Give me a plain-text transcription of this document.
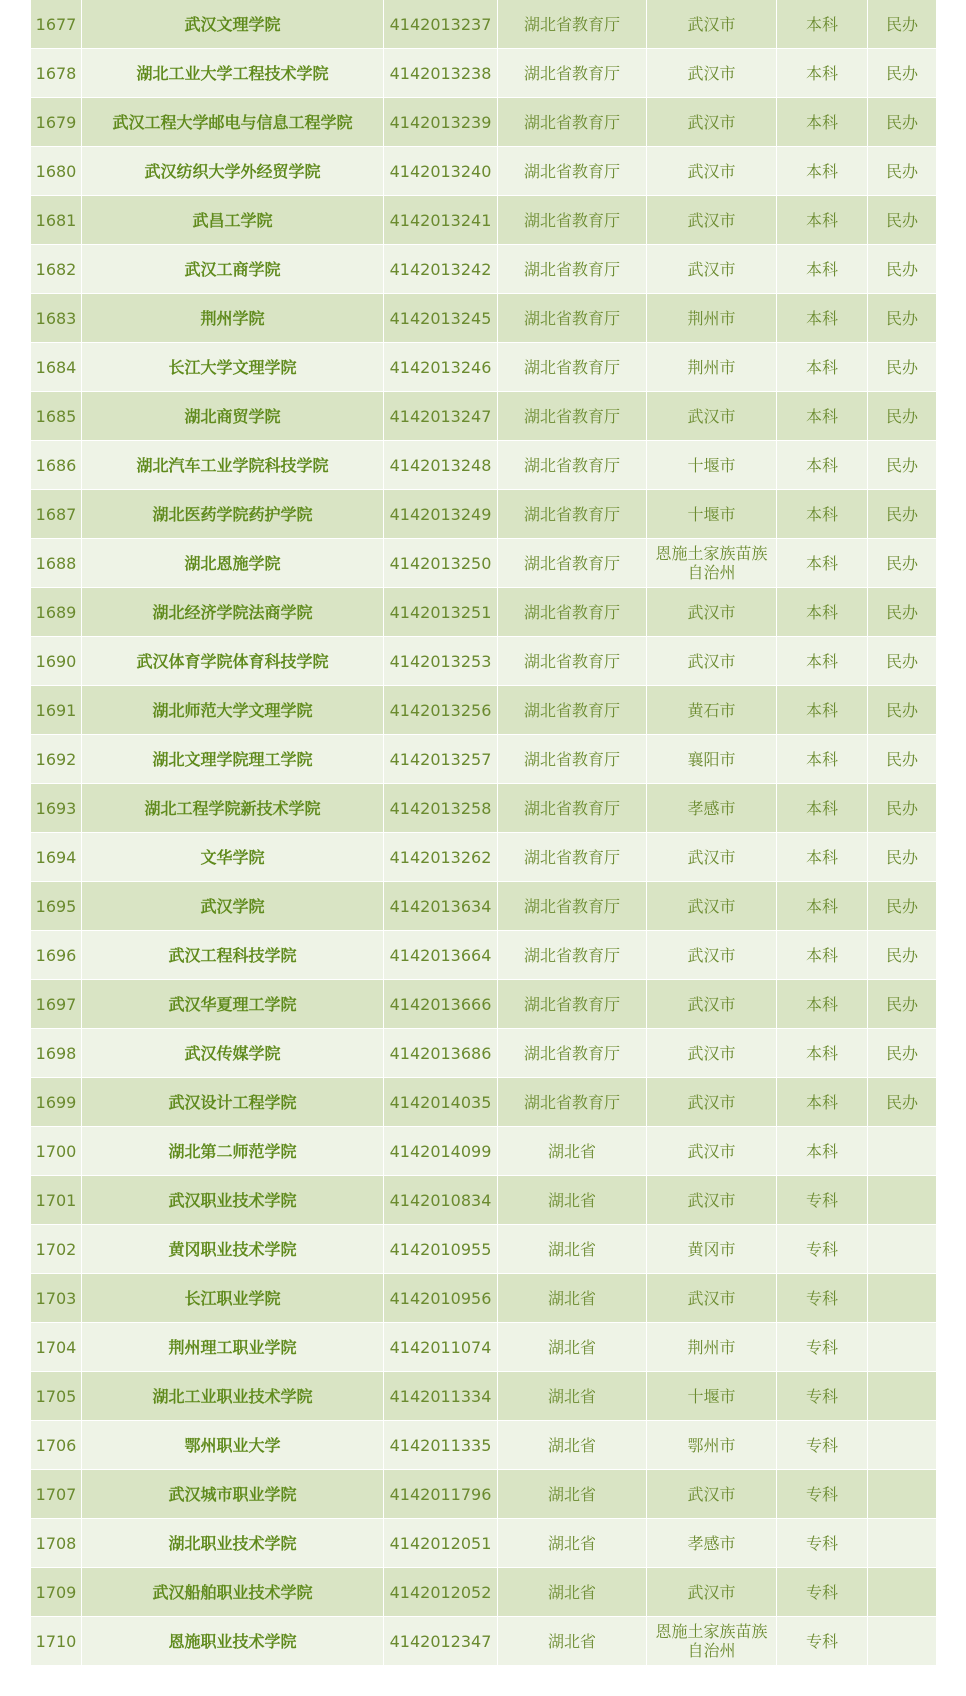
1677	武汉文理学院	4142013237	湖北省教育厅	武汉市	本科	民办
1678	湖北工业大学工程技术学院	4142013238	湖北省教育厅	武汉市	本科	民办
1679	武汉工程大学邮电与信息工程学院	4142013239	湖北省教育厅	武汉市	本科	民办
1680	武汉纺织大学外经贸学院	4142013240	湖北省教育厅	武汉市	本科	民办
1681	武昌工学院	4142013241	湖北省教育厅	武汉市	本科	民办
1682	武汉工商学院	4142013242	湖北省教育厅	武汉市	本科	民办
1683	荆州学院	4142013245	湖北省教育厅	荆州市	本科	民办
1684	长江大学文理学院	4142013246	湖北省教育厅	荆州市	本科	民办
1685	湖北商贸学院	4142013247	湖北省教育厅	武汉市	本科	民办
1686	湖北汽车工业学院科技学院	4142013248	湖北省教育厅	十堰市	本科	民办
1687	湖北医药学院药护学院	4142013249	湖北省教育厅	十堰市	本科	民办
1688	湖北恩施学院	4142013250	湖北省教育厅	恩施土家族苗族自治州	本科	民办
1689	湖北经济学院法商学院	4142013251	湖北省教育厅	武汉市	本科	民办
1690	武汉体育学院体育科技学院	4142013253	湖北省教育厅	武汉市	本科	民办
1691	湖北师范大学文理学院	4142013256	湖北省教育厅	黄石市	本科	民办
1692	湖北文理学院理工学院	4142013257	湖北省教育厅	襄阳市	本科	民办
1693	湖北工程学院新技术学院	4142013258	湖北省教育厅	孝感市	本科	民办
1694	文华学院	4142013262	湖北省教育厅	武汉市	本科	民办
1695	武汉学院	4142013634	湖北省教育厅	武汉市	本科	民办
1696	武汉工程科技学院	4142013664	湖北省教育厅	武汉市	本科	民办
1697	武汉华夏理工学院	4142013666	湖北省教育厅	武汉市	本科	民办
1698	武汉传媒学院	4142013686	湖北省教育厅	武汉市	本科	民办
1699	武汉设计工程学院	4142014035	湖北省教育厅	武汉市	本科	民办
1700	湖北第二师范学院	4142014099	湖北省	武汉市	本科	
1701	武汉职业技术学院	4142010834	湖北省	武汉市	专科	
1702	黄冈职业技术学院	4142010955	湖北省	黄冈市	专科	
1703	长江职业学院	4142010956	湖北省	武汉市	专科	
1704	荆州理工职业学院	4142011074	湖北省	荆州市	专科	
1705	湖北工业职业技术学院	4142011334	湖北省	十堰市	专科	
1706	鄂州职业大学	4142011335	湖北省	鄂州市	专科	
1707	武汉城市职业学院	4142011796	湖北省	武汉市	专科	
1708	湖北职业技术学院	4142012051	湖北省	孝感市	专科	
1709	武汉船舶职业技术学院	4142012052	湖北省	武汉市	专科	
1710	恩施职业技术学院	4142012347	湖北省	恩施土家族苗族自治州	专科	
